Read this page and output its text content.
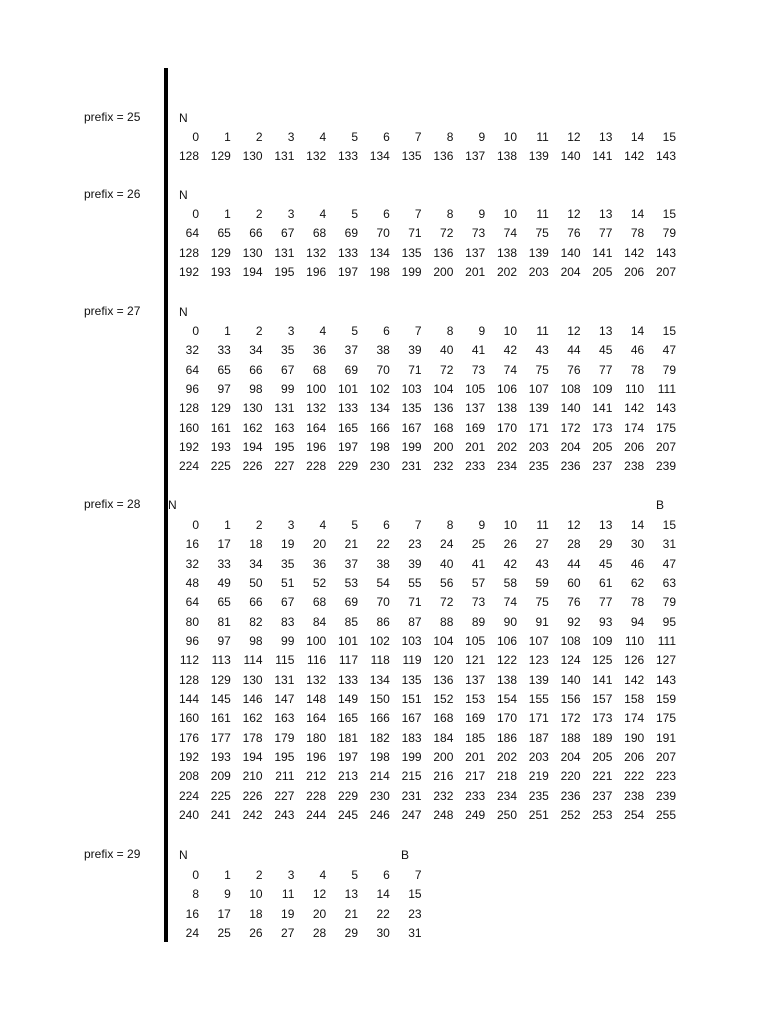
prefix = 25	N
0	1	2	3	4	5	6	7	8	9	10	11	12	13	14	15
128 129 130 131 132 133 134 135 136 137 138 139 140 141 142 143
prefix = 26	N
0	1	2	3	4	5	6	7	8	9	10	11	12	13	14	15
64	65	66	67	68	69	70	71	72	73	74	75	76	77	78	79
128 129 130 131 132 133 134 135 136 137 138 139 140 141 142 143
192 193 194 195 196 197 198 199 200 201 202 203 204 205 206 207
prefix = 27	N
0	1	2	3	4	5	6	7	8	9	10	11	12	13	14	15
32	33	34	35	36	37	38	39	40	41	42	43	44	45	46	47
64	65	66	67	68	69	70	71	72	73	74	75	76	77	78	79
96	97	98	99 100 101 102 103 104 105 106 107 108 109	110	111
128 129 130 131 132 133 134 135 136 137 138 139 140 141 142 143
160 161 162 163 164 165 166 167 168 169 170 171 172 173 174 175
192 193 194 195 196 197 198 199 200 201 202 203 204 205 206 207
224 225 226 227 228 229 230 231 232 233 234 235 236 237 238 239
prefix = 28 N	B
0	1	2	3	4	5	6	7	8	9	10	11	12	13	14	15
16	17	18	19	20	21	22	23	24	25	26	27	28	29	30	31
32	33	34	35	36	37	38	39	40	41	42	43	44	45	46	47
48	49	50	51	52	53	54	55	56	57	58	59	60	61	62	63
64	65	66	67	68	69	70	71	72	73	74	75	76	77	78	79
80	81	82	83	84	85	86	87	88	89	90	91	92	93	94	95
96	97	98	99 100 101 102 103 104 105 106 107 108 109	110	111
112	113	114	115	116	117	118	119 120 121 122 123 124 125 126 127
128 129 130 131 132 133 134 135 136 137 138 139 140 141 142 143
144 145 146 147 148 149 150 151 152 153 154 155 156 157 158 159
160 161 162 163 164 165 166 167 168 169 170 171 172 173 174 175
176 177 178 179 180 181 182 183 184 185 186 187 188 189 190 191
192 193 194 195 196 197 198 199 200 201 202 203 204 205 206 207
208 209 210	211 212 213 214 215 216 217 218 219 220 221 222 223
224 225 226 227 228 229 230 231 232 233 234 235 236 237 238 239
240 241 242 243 244 245 246 247 248 249 250 251 252 253 254 255
prefix = 29	N	B
0	1	2	3	4	5	6	7
8	9	10	11	12	13	14	15
16	17	18	19	20	21	22	23
24	25	26	27	28	29	30	31
